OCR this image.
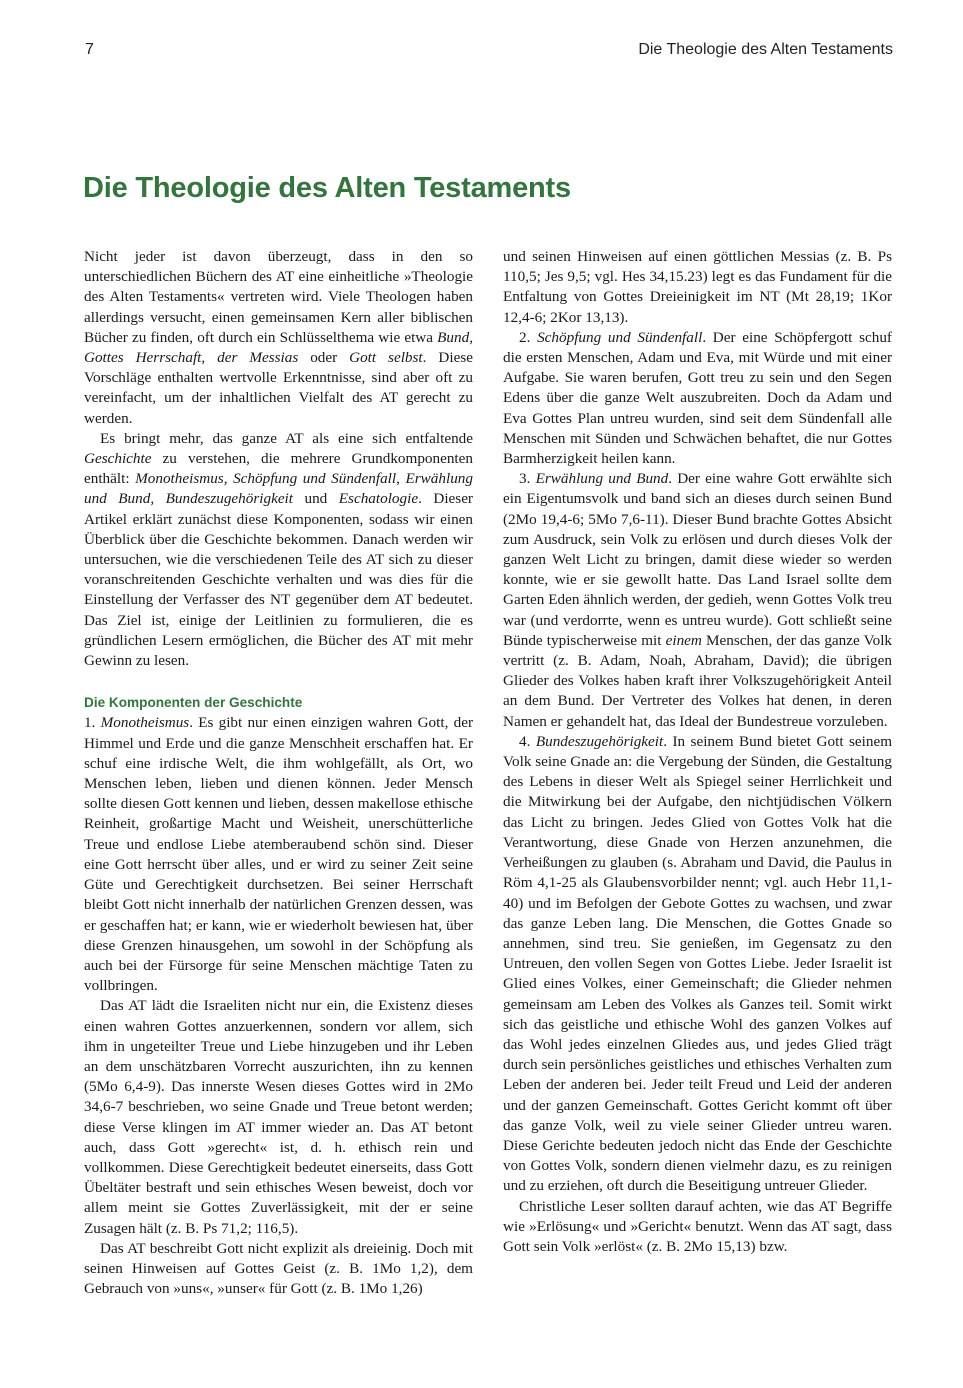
7	Die Theologie des Alten Testaments
Die Theologie des Alten Testaments

Nicht jeder ist davon überzeugt, dass in den so unterschiedlichen Büchern des AT eine einheitliche »Theologie des Alten Testaments« vertreten wird. Viele Theologen haben allerdings versucht, einen gemeinsamen Kern aller biblischen Bücher zu finden, oft durch ein Schlüsselthema wie etwa Bund, Gottes Herrschaft, der Messias oder Gott selbst. Diese Vorschläge enthalten wertvolle Erkenntnisse, sind aber oft zu vereinfacht, um der inhaltlichen Vielfalt des AT gerecht zu werden.

Es bringt mehr, das ganze AT als eine sich entfaltende Geschichte zu verstehen, die mehrere Grundkomponenten enthält: Monotheismus, Schöpfung und Sündenfall, Erwählung und Bund, Bundeszugehörigkeit und Eschatologie. Dieser Artikel erklärt zunächst diese Komponenten, sodass wir einen Überblick über die Geschichte bekommen. Danach werden wir untersuchen, wie die verschiedenen Teile des AT sich zu dieser voranschreitenden Geschichte verhalten und was dies für die Einstellung der Verfasser des NT gegenüber dem AT bedeutet. Das Ziel ist, einige der Leitlinien zu formulieren, die es gründlichen Lesern ermöglichen, die Bücher des AT mit mehr Gewinn zu lesen.

Die Komponenten der Geschichte

1. Monotheismus. Es gibt nur einen einzigen wahren Gott, der Himmel und Erde und die ganze Menschheit erschaffen hat. Er schuf eine irdische Welt, die ihm wohlgefällt, als Ort, wo Menschen leben, lieben und dienen können. Jeder Mensch sollte diesen Gott kennen und lieben, dessen makellose ethische Reinheit, großartige Macht und Weisheit, unerschütterliche Treue und endlose Liebe atemberaubend schön sind. Dieser eine Gott herrscht über alles, und er wird zu seiner Zeit seine Güte und Gerechtigkeit durchsetzen. Bei seiner Herrschaft bleibt Gott nicht innerhalb der natürlichen Grenzen dessen, was er geschaffen hat; er kann, wie er wiederholt bewiesen hat, über diese Grenzen hinausgehen, um sowohl in der Schöpfung als auch bei der Fürsorge für seine Menschen mächtige Taten zu vollbringen.

Das AT lädt die Israeliten nicht nur ein, die Existenz dieses einen wahren Gottes anzuerkennen, sondern vor allem, sich ihm in ungeteilter Treue und Liebe hinzugeben und ihr Leben an dem unschätzbaren Vorrecht auszurichten, ihn zu kennen (5Mo 6,4-9). Das innerste Wesen dieses Gottes wird in 2Mo 34,6-7 beschrieben, wo seine Gnade und Treue betont werden; diese Verse klingen im AT immer wieder an. Das AT betont auch, dass Gott »gerecht« ist, d. h. ethisch rein und vollkommen. Diese Gerechtigkeit bedeutet einerseits, dass Gott Übeltäter bestraft und sein ethisches Wesen beweist, doch vor allem meint sie Gottes Zuverlässigkeit, mit der er seine Zusagen hält (z. B. Ps 71,2; 116,5).

Das AT beschreibt Gott nicht explizit als dreieinig. Doch mit seinen Hinweisen auf Gottes Geist (z. B. 1Mo 1,2), dem Gebrauch von »uns«, »unser« für Gott (z. B. 1Mo 1,26)

und seinen Hinweisen auf einen göttlichen Messias (z. B. Ps 110,5; Jes 9,5; vgl. Hes 34,15.23) legt es das Fundament für die Entfaltung von Gottes Dreieinigkeit im NT (Mt 28,19; 1Kor 12,4-6; 2Kor 13,13).

2. Schöpfung und Sündenfall. Der eine Schöpfergott schuf die ersten Menschen, Adam und Eva, mit Würde und mit einer Aufgabe. Sie waren berufen, Gott treu zu sein und den Segen Edens über die ganze Welt auszubreiten. Doch da Adam und Eva Gottes Plan untreu wurden, sind seit dem Sündenfall alle Menschen mit Sünden und Schwächen behaftet, die nur Gottes Barmherzigkeit heilen kann.

3. Erwählung und Bund. Der eine wahre Gott erwählte sich ein Eigentumsvolk und band sich an dieses durch seinen Bund (2Mo 19,4-6; 5Mo 7,6-11). Dieser Bund brachte Gottes Absicht zum Ausdruck, sein Volk zu erlösen und durch dieses Volk der ganzen Welt Licht zu bringen, damit diese wieder so werden konnte, wie er sie gewollt hatte. Das Land Israel sollte dem Garten Eden ähnlich werden, der gedieh, wenn Gottes Volk treu war (und verdorrte, wenn es untreu wurde). Gott schließt seine Bünde typischerweise mit einem Menschen, der das ganze Volk vertritt (z. B. Adam, Noah, Abraham, David); die übrigen Glieder des Volkes haben kraft ihrer Volkszugehörigkeit Anteil an dem Bund. Der Vertreter des Volkes hat denen, in deren Namen er gehandelt hat, das Ideal der Bundestreue vorzuleben.

4. Bundeszugehörigkeit. In seinem Bund bietet Gott seinem Volk seine Gnade an: die Vergebung der Sünden, die Gestaltung des Lebens in dieser Welt als Spiegel seiner Herrlichkeit und die Mitwirkung bei der Aufgabe, den nichtjüdischen Völkern das Licht zu bringen. Jedes Glied von Gottes Volk hat die Verantwortung, diese Gnade von Herzen anzunehmen, die Verheißungen zu glauben (s. Abraham und David, die Paulus in Röm 4,1-25 als Glaubensvorbilder nennt; vgl. auch Hebr 11,1-40) und im Befolgen der Gebote Gottes zu wachsen, und zwar das ganze Leben lang. Die Menschen, die Gottes Gnade so annehmen, sind treu. Sie genießen, im Gegensatz zu den Untreuen, den vollen Segen von Gottes Liebe. Jeder Israelit ist Glied eines Volkes, einer Gemeinschaft; die Glieder nehmen gemeinsam am Leben des Volkes als Ganzes teil. Somit wirkt sich das geistliche und ethische Wohl des ganzen Volkes auf das Wohl jedes einzelnen Gliedes aus, und jedes Glied trägt durch sein persönliches geistliches und ethisches Verhalten zum Leben der anderen bei. Jeder teilt Freud und Leid der anderen und der ganzen Gemeinschaft. Gottes Gericht kommt oft über das ganze Volk, weil zu viele seiner Glieder untreu waren. Diese Gerichte bedeuten jedoch nicht das Ende der Geschichte von Gottes Volk, sondern dienen vielmehr dazu, es zu reinigen und zu erziehen, oft durch die Beseitigung untreuer Glieder.

Christliche Leser sollten darauf achten, wie das AT Begriffe wie »Erlösung« und »Gericht« benutzt. Wenn das AT sagt, dass Gott sein Volk »erlöst« (z. B. 2Mo 15,13) bzw.
